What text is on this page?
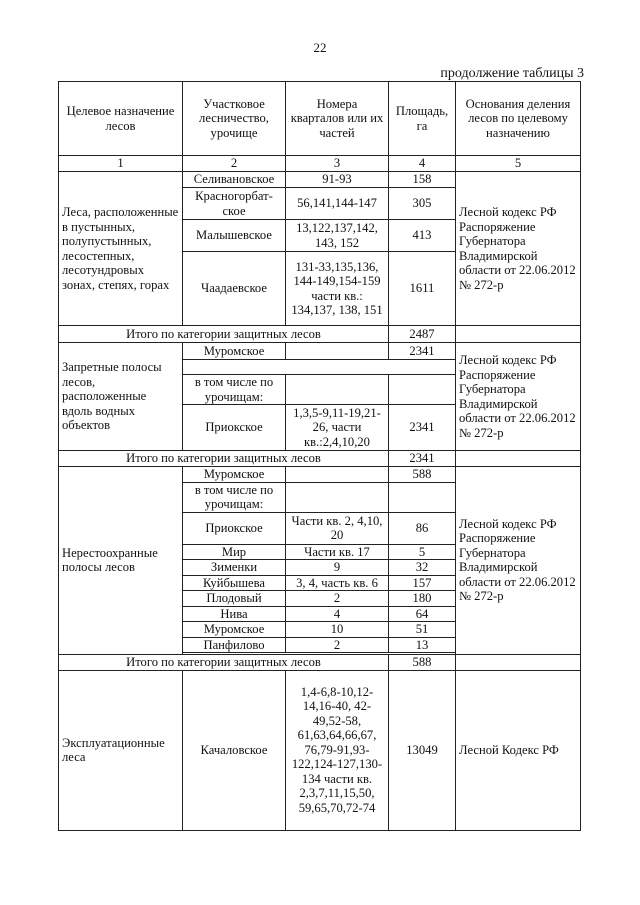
22
продолжение таблицы 3
Целевое назначение лесов	Участковое лесничество, урочище	Номера кварталов или их частей	Площадь, га	Основания деления лесов по целевому назначению
1	2	3	4	5
Леса, расположенные в пустынных, полупустынных, лесостепных, лесотундровых зонах, степях, горах	Селивановское	91-93	158	Лесной кодекс РФ
Распоряжение Губернатора Владимирской области от 22.06.2012
№ 272-р

	Красногорбат-ское	56,141,144-147	305	
	Малышевское	13,122,137,142, 143, 152	413	
	Чаадаевское	131-33,135,136, 144-149,154-159 части кв.: 134,137, 138, 151	1611	
Итого по категории защитных лесов			2487	
Запретные полосы лесов, расположенные вдоль водных объектов	Муромское		2341	Лесной кодекс РФ
Распоряжение Губернатора Владимирской области от 22.06.2012
№ 272-р

	в том числе по урочищам:			
	Приокское	1,3,5-9,11-19,21-26, части кв.:2,4,10,20	2341	
Итого по категории защитных лесов			2341	
Нерестоохранные полосы лесов	Муромское		588	Лесной кодекс РФ
Распоряжение Губернатора Владимирской области от 22.06.2012
№ 272-р

	в том числе по урочищам:			
	Приокское	Части кв. 2, 4,10, 20	86	
	Мир	Части кв. 17	5	
	Зименки	9	32	
	Куйбышева	3, 4, часть кв. 6	157	
	Плодовый	2	180	
	Нива	4	64	
	Муромское	10	51	
	Панфилово	2	13	

Итого по категории защитных лесов			588	
Эксплуатационные леса	Качаловское	1,4-6,8-10,12-14,16-40, 42-49,52-58, 61,63,64,66,67, 76,79-91,93-122,124-127,130-134 части кв. 2,3,7,11,15,50, 59,65,70,72-74	13049	Лесной Кодекс РФ
